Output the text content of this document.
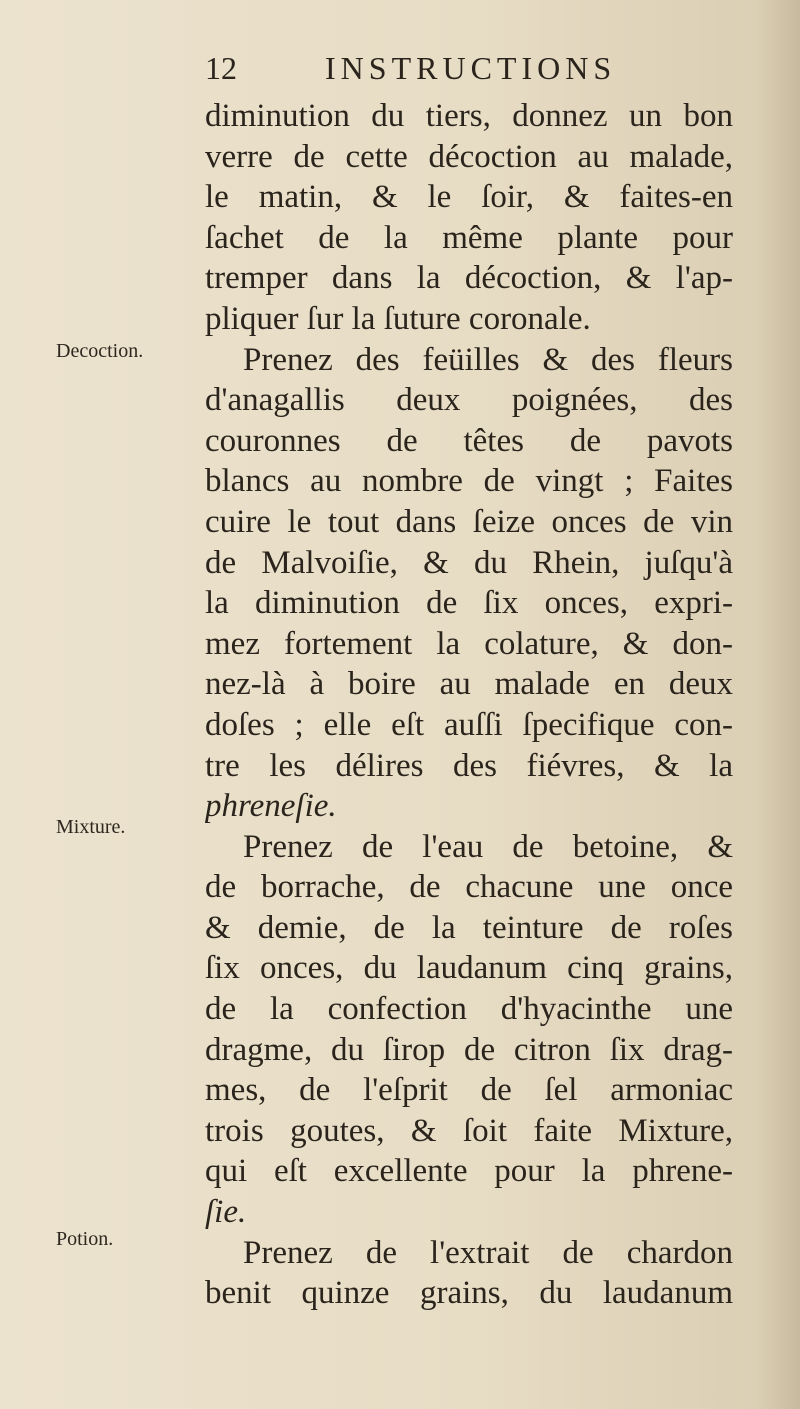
12	INSTRUCTIONS
Decoction.
Mixture.
Potion.
diminution du tiers, donnez un bon
verre de cette décoction au malade,
le matin, & le ſoir, & faites-en
ſachet de la même plante pour
tremper dans la décoction, & l'ap-
pliquer ſur la ſuture coronale.
Prenez des feüilles & des fleurs
d'anagallis deux poignées, des
couronnes de têtes de pavots
blancs au nombre de vingt ; Faites
cuire le tout dans ſeize onces de vin
de Malvoiſie, & du Rhein, juſqu'à
la diminution de ſix onces, expri-
mez fortement la colature, & don-
nez-là à boire au malade en deux
doſes ; elle eſt auſſi ſpecifique con-
tre les délires des fiévres, & la
phreneſie.
Prenez de l'eau de betoine, &
de borrache, de chacune une once
& demie, de la teinture de roſes
ſix onces, du laudanum cinq grains,
de la confection d'hyacinthe une
dragme, du ſirop de citron ſix drag-
mes, de l'eſprit de ſel armoniac
trois goutes, & ſoit faite Mixture,
qui eſt excellente pour la phrene-
ſie.
Prenez de l'extrait de chardon
benit quinze grains, du laudanum
